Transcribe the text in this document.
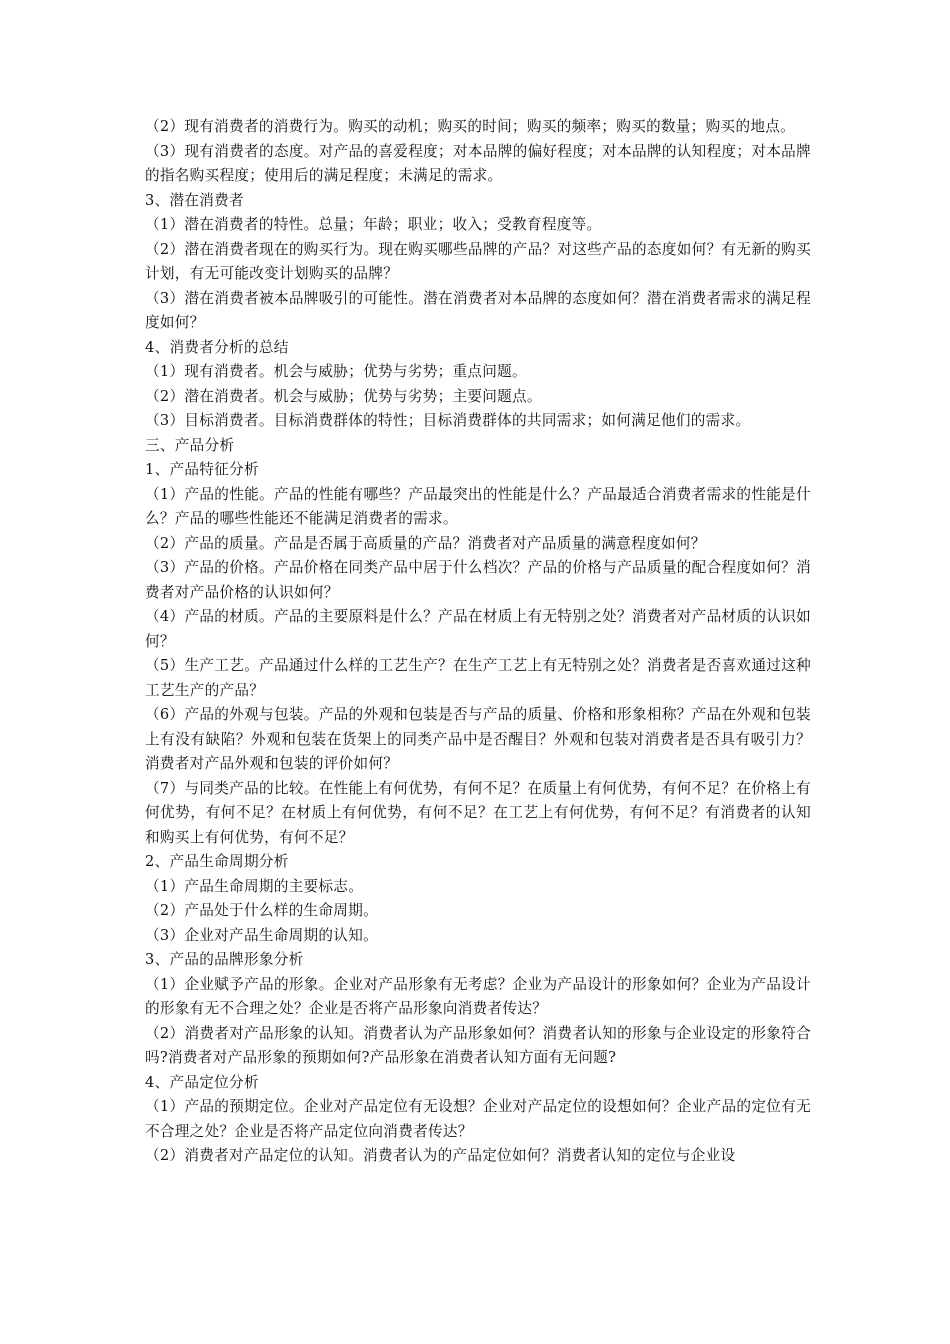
（2）现有消费者的消费行为。购买的动机；购买的时间；购买的频率；购买的数量；购买的地点。

（3）现有消费者的态度。对产品的喜爱程度；对本品牌的偏好程度；对本品牌的认知程度；对本品牌的指名购买程度；使用后的满足程度；未满足的需求。

3、潜在消费者

（1）潜在消费者的特性。总量；年龄；职业；收入；受教育程度等。

（2）潜在消费者现在的购买行为。现在购买哪些品牌的产品？对这些产品的态度如何？有无新的购买计划，有无可能改变计划购买的品牌？

（3）潜在消费者被本品牌吸引的可能性。潜在消费者对本品牌的态度如何？潜在消费者需求的满足程度如何？

4、消费者分析的总结

（1）现有消费者。机会与威胁；优势与劣势；重点问题。

（2）潜在消费者。机会与威胁；优势与劣势；主要问题点。

（3）目标消费者。目标消费群体的特性；目标消费群体的共同需求；如何满足他们的需求。

三、产品分析

1、产品特征分析

（1）产品的性能。产品的性能有哪些？产品最突出的性能是什么？产品最适合消费者需求的性能是什么？产品的哪些性能还不能满足消费者的需求。

（2）产品的质量。产品是否属于高质量的产品？消费者对产品质量的满意程度如何？

（3）产品的价格。产品价格在同类产品中居于什么档次？产品的价格与产品质量的配合程度如何？消费者对产品价格的认识如何？

（4）产品的材质。产品的主要原料是什么？产品在材质上有无特别之处？消费者对产品材质的认识如何？

（5）生产工艺。产品通过什么样的工艺生产？在生产工艺上有无特别之处？消费者是否喜欢通过这种工艺生产的产品？

（6）产品的外观与包装。产品的外观和包装是否与产品的质量、价格和形象相称？产品在外观和包装上有没有缺陷？外观和包装在货架上的同类产品中是否醒目？外观和包装对消费者是否具有吸引力？消费者对产品外观和包装的评价如何？

（7）与同类产品的比较。在性能上有何优势，有何不足？在质量上有何优势，有何不足？在价格上有何优势，有何不足？在材质上有何优势，有何不足？在工艺上有何优势，有何不足？有消费者的认知和购买上有何优势，有何不足？

2、产品生命周期分析

（1）产品生命周期的主要标志。

（2）产品处于什么样的生命周期。

（3）企业对产品生命周期的认知。

3、产品的品牌形象分析

（1）企业赋予产品的形象。企业对产品形象有无考虑？企业为产品设计的形象如何？企业为产品设计的形象有无不合理之处？企业是否将产品形象向消费者传达？

（2）消费者对产品形象的认知。消费者认为产品形象如何？消费者认知的形象与企业设定的形象符合吗?消费者对产品形象的预期如何?产品形象在消费者认知方面有无问题?

4、产品定位分析

（1）产品的预期定位。企业对产品定位有无设想？企业对产品定位的设想如何？企业产品的定位有无不合理之处？企业是否将产品定位向消费者传达？

（2）消费者对产品定位的认知。消费者认为的产品定位如何？消费者认知的定位与企业设
